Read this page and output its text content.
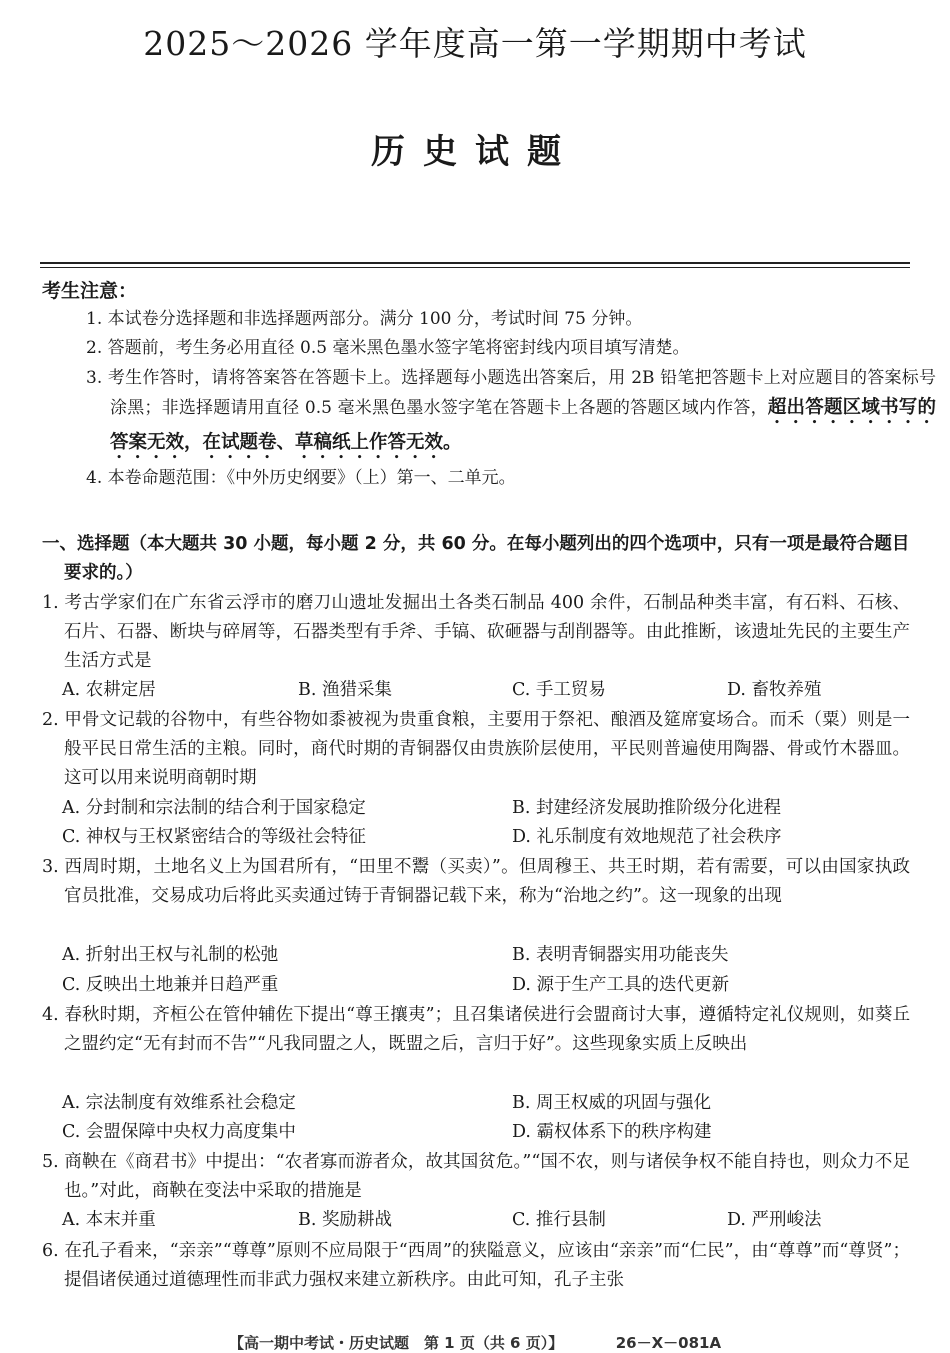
2025～2026 学年度高一第一学期期中考试
历史试题
考生注意：
1. 本试卷分选择题和非选择题两部分。满分 100 分，考试时间 75 分钟。
2. 答题前，考生务必用直径 0.5 毫米黑色墨水签字笔将密封线内项目填写清楚。
3. 考生作答时，请将答案答在答题卡上。选择题每小题选出答案后，用 2B 铅笔把答题卡上对应题目的答案标号涂黑；非选择题请用直径 0.5 毫米黑色墨水签字笔在答题卡上各题的答题区域内作答，超出答题区域书写的答案无效，在试题卷、草稿纸上作答无效。
4. 本卷命题范围：《中外历史纲要》（上）第一、二单元。
一、选择题（本大题共 30 小题，每小题 2 分，共 60 分。在每小题列出的四个选项中，只有一项是最符合题目要求的。）
1. 考古学家们在广东省云浮市的磨刀山遗址发掘出土各类石制品 400 余件，石制品种类丰富，有石料、石核、石片、石器、断块与碎屑等，石器类型有手斧、手镐、砍砸器与刮削器等。由此推断，该遗址先民的主要生产生活方式是
A. 农耕定居	B. 渔猎采集	C. 手工贸易	D. 畜牧养殖
2. 甲骨文记载的谷物中，有些谷物如黍被视为贵重食粮，主要用于祭祀、酿酒及筵席宴场合。而禾（粟）则是一般平民日常生活的主粮。同时，商代时期的青铜器仅由贵族阶层使用，平民则普遍使用陶器、骨或竹木器皿。这可以用来说明商朝时期
A. 分封制和宗法制的结合利于国家稳定	B. 封建经济发展助推阶级分化进程
C. 神权与王权紧密结合的等级社会特征	D. 礼乐制度有效地规范了社会秩序
3. 西周时期，土地名义上为国君所有，“田里不鬻（买卖）”。但周穆王、共王时期，若有需要，可以由国家执政官员批准，交易成功后将此买卖通过铸于青铜器记载下来，称为“治地之约”。这一现象的出现
A. 折射出王权与礼制的松弛	B. 表明青铜器实用功能丧失
C. 反映出土地兼并日趋严重	D. 源于生产工具的迭代更新
4. 春秋时期，齐桓公在管仲辅佐下提出“尊王攘夷”；且召集诸侯进行会盟商讨大事，遵循特定礼仪规则，如葵丘之盟约定“无有封而不告”“凡我同盟之人，既盟之后，言归于好”。这些现象实质上反映出
A. 宗法制度有效维系社会稳定	B. 周王权威的巩固与强化
C. 会盟保障中央权力高度集中	D. 霸权体系下的秩序构建
5. 商鞅在《商君书》中提出：“农者寡而游者众，故其国贫危。”“国不农，则与诸侯争权不能自持也，则众力不足也。”对此，商鞅在变法中采取的措施是
A. 本末并重	B. 奖励耕战	C. 推行县制	D. 严刑峻法
6. 在孔子看来，“亲亲”“尊尊”原则不应局限于“西周”的狭隘意义，应该由“亲亲”而“仁民”，由“尊尊”而“尊贤”；提倡诸侯通过道德理性而非武力强权来建立新秩序。由此可知，孔子主张
【高一期中考试・历史试题　第 1 页（共 6 页）】　　　　26－X－081A
